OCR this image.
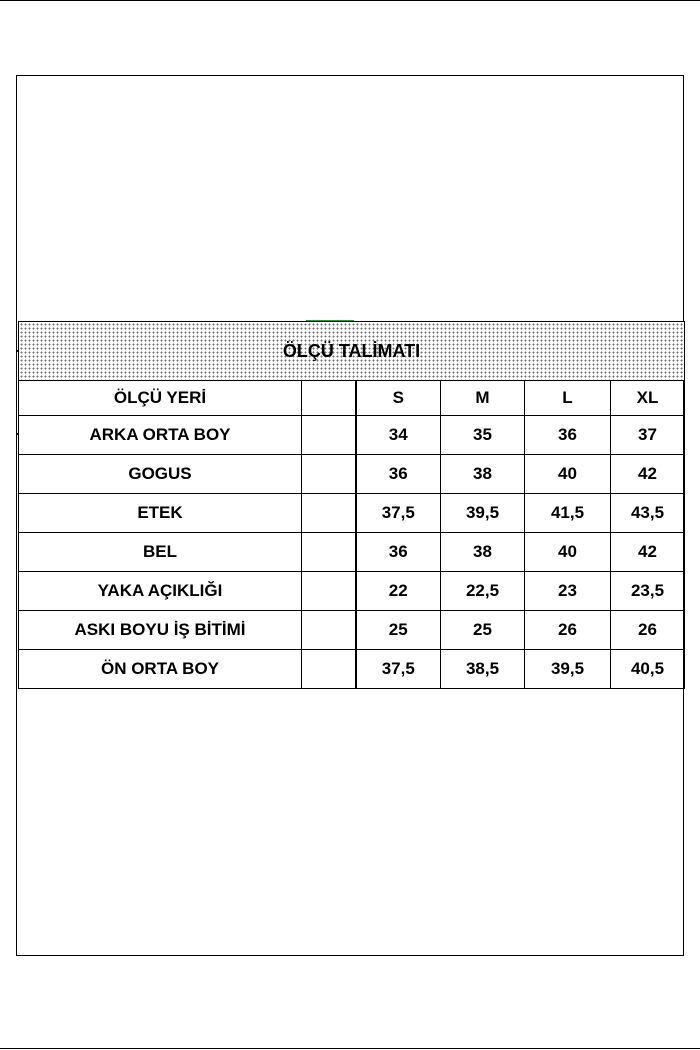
ÖLÇÜ TALİMATI					
ÖLÇÜ YERİ		S	M	L	XL
ARKA ORTA BOY		34	35	36	37
GOGUS		36	38	40	42
ETEK		37,5	39,5	41,5	43,5
BEL		36	38	40	42
YAKA AÇIKLIĞI		22	22,5	23	23,5
ASKI BOYU İŞ BİTİMİ		25	25	26	26
ÖN ORTA BOY		37,5	38,5	39,5	40,5
